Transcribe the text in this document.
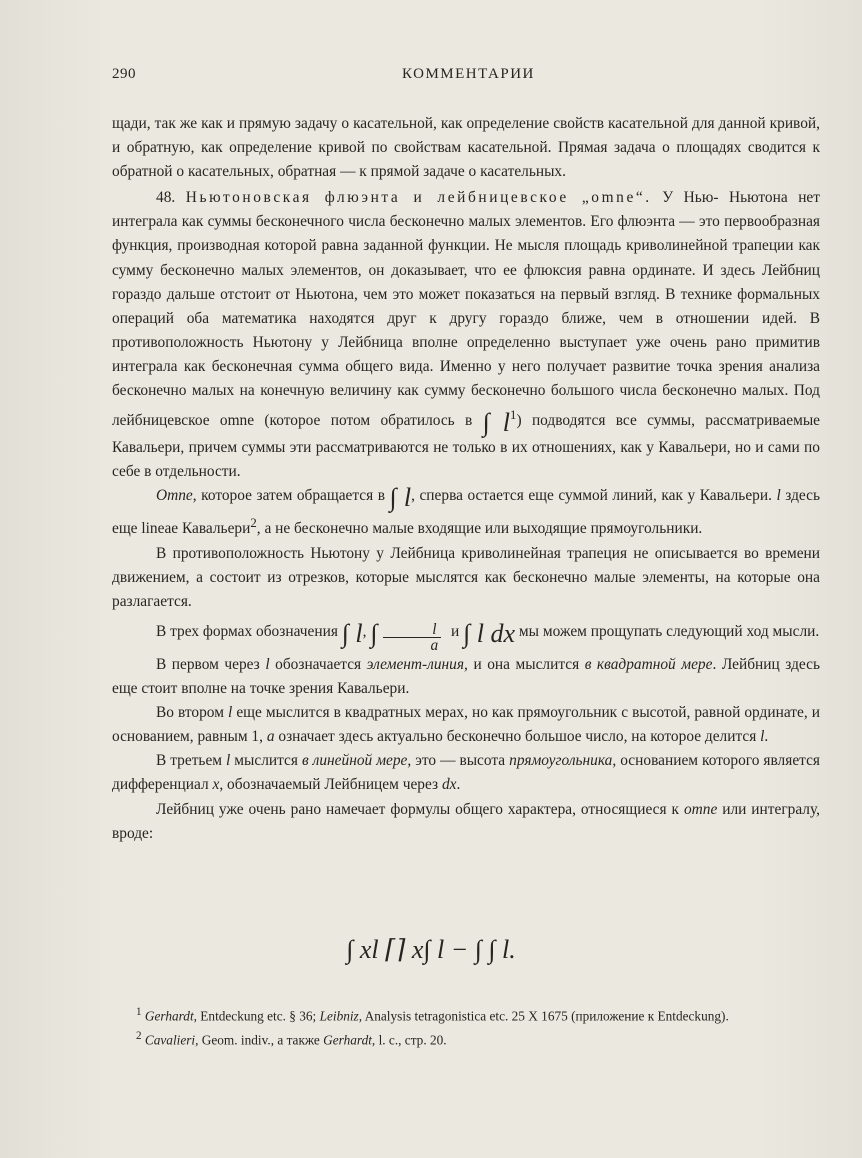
290	КОММЕНТАРИИ

щади, так же как и прямую задачу о касательной, как определение свойств касательной для данной кривой, и обратную, как определение кривой по свойствам касательной. Прямая задача о площадях сводится к обратной о касательных, обратная — к прямой задаче о касательных.

48. Ньютоновская флюэнта и лейбницевское „omne“. У Нью- Ньютона нет интеграла как суммы бесконечного числа бесконечно малых элементов. Его флюэнта — это первообразная функция, производная которой равна заданной функции. Не мысля площадь криволинейной трапеции как сумму бесконечно малых элементов, он доказывает, что ее флюксия равна ординате. И здесь Лейбниц гораздо дальше отстоит от Ньютона, чем это может показаться на первый взгляд. В технике формальных операций оба математика находятся друг к другу гораздо ближе, чем в отношении идей. В противоположность Ньютону у Лейбница вполне определенно выступает уже очень рано примитив интеграла как бесконечная сумма общего вида. Именно у него получает развитие точка зрения анализа бесконечно малых на конечную величину как сумму бесконечно большого числа бесконечно малых. Под лейбницевское omne (которое потом обратилось в ∫ $l^1$) подводятся все суммы, рассматриваемые Кавальери, причем суммы эти рассматриваются не только в их отношениях, как у Кавальери, но и сами по себе в отдельности.

Omne, которое затем обращается в ∫ l, сперва остается еще суммой линий, как у Кавальери. l здесь еще lineae Кавальери$^2$, а не бесконечно малые входящие или выходящие прямоугольники.

В противоположность Ньютону у Лейбница криволинейная трапеция не описывается во времени движением, а состоит из отрезков, которые мыслятся как бесконечно малые элементы, на которые она разлагается.

В трех формах обозначения ∫ l, ∫ $\frac{l}{a}$ и ∫ l dx мы можем прощупать следующий ход мысли.

В первом через l обозначается элемент-линия, и она мыслится в квадратной мере. Лейбниц здесь еще стоит вполне на точке зрения Кавальери.

Во втором l еще мыслится в квадратных мерах, но как прямоугольник с высотой, равной ординате, и основанием, равным 1, a означает здесь актуально бесконечно большое число, на которое делится l.

В третьем l мыслится в линейной мере, это — высота прямоугольника, основанием которого является дифференциал x, обозначаемый Лейбницем через dx.

Лейбниц уже очень рано намечает формулы общего характера, относящиеся к omne или интегралу, вроде:

∫ xl ⌈⌉ x∫ l − ∫ ∫ l.

$^1$ Gerhardt, Entdeckung etc. § 36; Leibniz, Analysis tetragonistica etc. 25 X 1675 (приложение к Entdeckung).

$^2$ Cavalieri, Geom. indiv., а также Gerhardt, l. c., стр. 20.
